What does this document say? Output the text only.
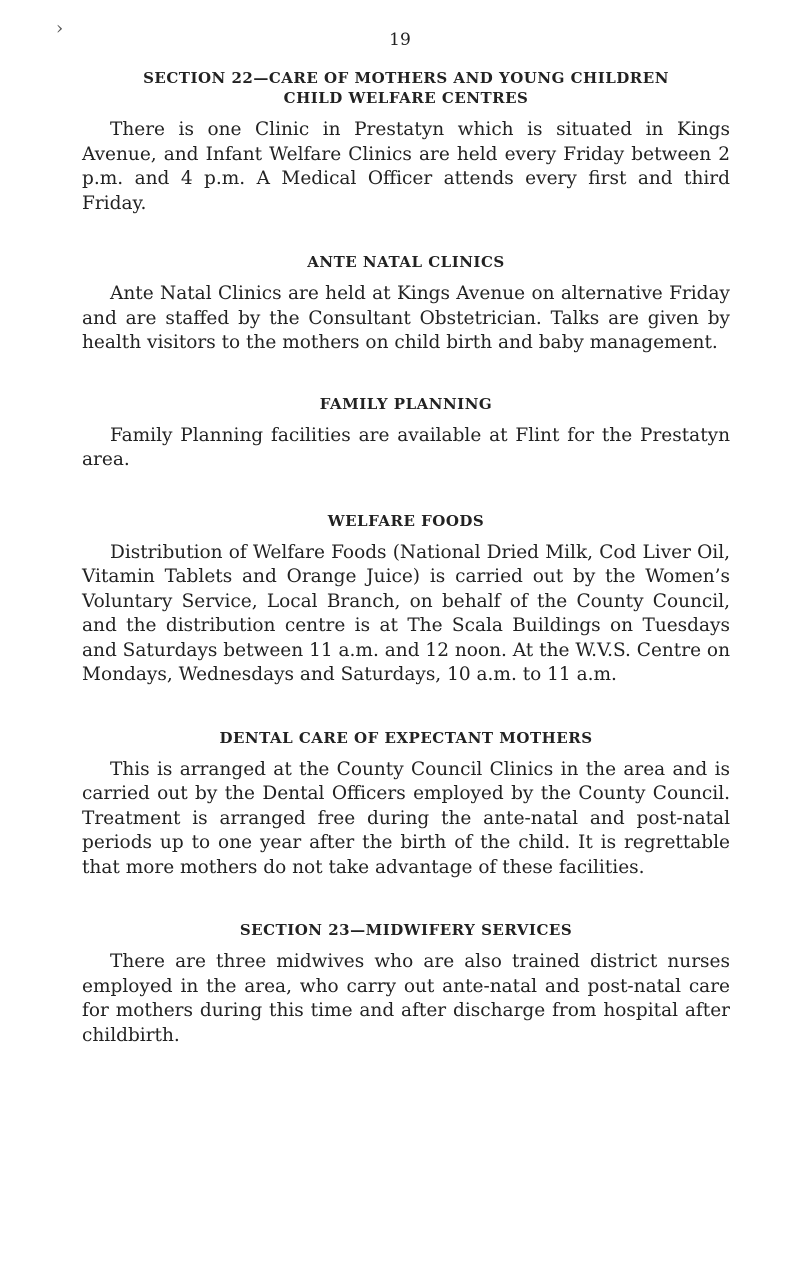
›
19
SECTION 22—CARE OF MOTHERS AND YOUNG CHILDREN
CHILD WELFARE CENTRES

There is one Clinic in Prestatyn which is situated in Kings Avenue, and Infant Welfare Clinics are held every Friday between 2 p.m. and 4 p.m. A Medical Officer attends every first and third Friday.

ANTE NATAL CLINICS

Ante Natal Clinics are held at Kings Avenue on alternative Friday and are staffed by the Consultant Obstetrician. Talks are given by health visitors to the mothers on child birth and baby management.

FAMILY PLANNING

Family Planning facilities are available at Flint for the Prestatyn area.

WELFARE FOODS

Distribution of Welfare Foods (National Dried Milk, Cod Liver Oil, Vitamin Tablets and Orange Juice) is carried out by the Women’s Voluntary Service, Local Branch, on behalf of the County Council, and the distribution centre is at The Scala Buildings on Tuesdays and Saturdays between 11 a.m. and 12 noon. At the W.V.S. Centre on Mondays, Wednesdays and Saturdays, 10 a.m. to 11 a.m.

DENTAL CARE OF EXPECTANT MOTHERS

This is arranged at the County Council Clinics in the area and is carried out by the Dental Officers employed by the County Council. Treatment is arranged free during the ante-natal and post-natal periods up to one year after the birth of the child. It is regrettable that more mothers do not take advantage of these facilities.

SECTION 23—MIDWIFERY SERVICES

There are three midwives who are also trained district nurses employed in the area, who carry out ante-natal and post-natal care for mothers during this time and after discharge from hospital after childbirth.
